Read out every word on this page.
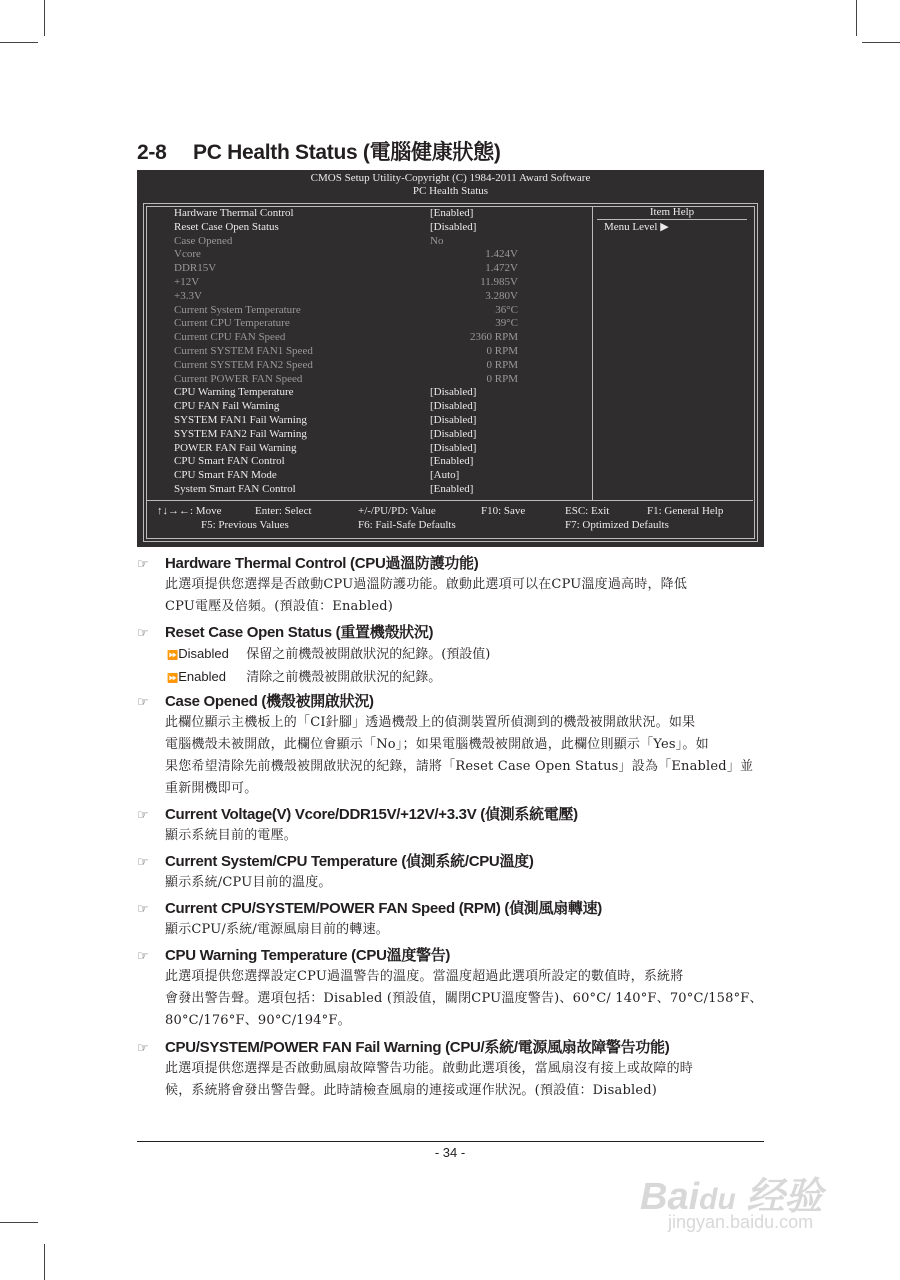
2-8 PC Health Status (電腦健康狀態)
CMOS Setup Utility-Copyright (C) 1984-2011 Award Software
PC Health Status
Hardware Thermal Control	[Enabled]
Reset Case Open Status	[Disabled]
Case Opened	No
Vcore	1.424V
DDR15V	1.472V
+12V	11.985V
+3.3V	3.280V
Current System Temperature	36°C
Current CPU Temperature	39°C
Current CPU FAN Speed	2360 RPM
Current SYSTEM FAN1 Speed	0 RPM
Current SYSTEM FAN2 Speed	0 RPM
Current POWER FAN Speed	0 RPM
CPU Warning Temperature	[Disabled]
CPU FAN Fail Warning	[Disabled]
SYSTEM FAN1 Fail Warning	[Disabled]
SYSTEM FAN2 Fail Warning	[Disabled]
POWER FAN Fail Warning	[Disabled]
CPU Smart FAN Control	[Enabled]
CPU Smart FAN Mode	[Auto]
System Smart FAN Control	[Enabled]
Item Help
Menu Level ▶
↑↓→←: Move	Enter: Select	+/-/PU/PD: Value	F10: Save	ESC: Exit	F1: General Help
F5: Previous Values	F6: Fail-Safe Defaults	F7: Optimized Defaults
☞ Hardware Thermal Control (CPU過溫防護功能)
此選項提供您選擇是否啟動CPU過溫防護功能。啟動此選項可以在CPU溫度過高時，降低
CPU電壓及倍頻。(預設值：Enabled)
☞ Reset Case Open Status (重置機殼狀況)
⏩Disabled 保留之前機殼被開啟狀況的紀錄。(預設值)
⏩Enabled 清除之前機殼被開啟狀況的紀錄。
☞ Case Opened (機殼被開啟狀況)
此欄位顯示主機板上的「CI針腳」透過機殼上的偵測裝置所偵測到的機殼被開啟狀況。如果
電腦機殼未被開啟，此欄位會顯示「No」；如果電腦機殼被開啟過，此欄位則顯示「Yes」。如
果您希望清除先前機殼被開啟狀況的紀錄，請將「Reset Case Open Status」設為「Enabled」並
重新開機即可。
☞ Current Voltage(V) Vcore/DDR15V/+12V/+3.3V (偵測系統電壓)
顯示系統目前的電壓。
☞ Current System/CPU Temperature (偵測系統/CPU溫度)
顯示系統/CPU目前的溫度。
☞ Current CPU/SYSTEM/POWER FAN Speed (RPM) (偵測風扇轉速)
顯示CPU/系統/電源風扇目前的轉速。
☞ CPU Warning Temperature (CPU溫度警告)
此選項提供您選擇設定CPU過溫警告的溫度。當溫度超過此選項所設定的數值時，系統將
會發出警告聲。選項包括：Disabled (預設值，關閉CPU溫度警告)、60°C/ 140°F、70°C/158°F、
80°C/176°F、90°C/194°F。
☞ CPU/SYSTEM/POWER FAN Fail Warning (CPU/系統/電源風扇故障警告功能)
此選項提供您選擇是否啟動風扇故障警告功能。啟動此選項後，當風扇沒有接上或故障的時
候，系統將會發出警告聲。此時請檢查風扇的連接或運作狀況。(預設值：Disabled)
- 34 -
Baidu 经验
jingyan.baidu.com
